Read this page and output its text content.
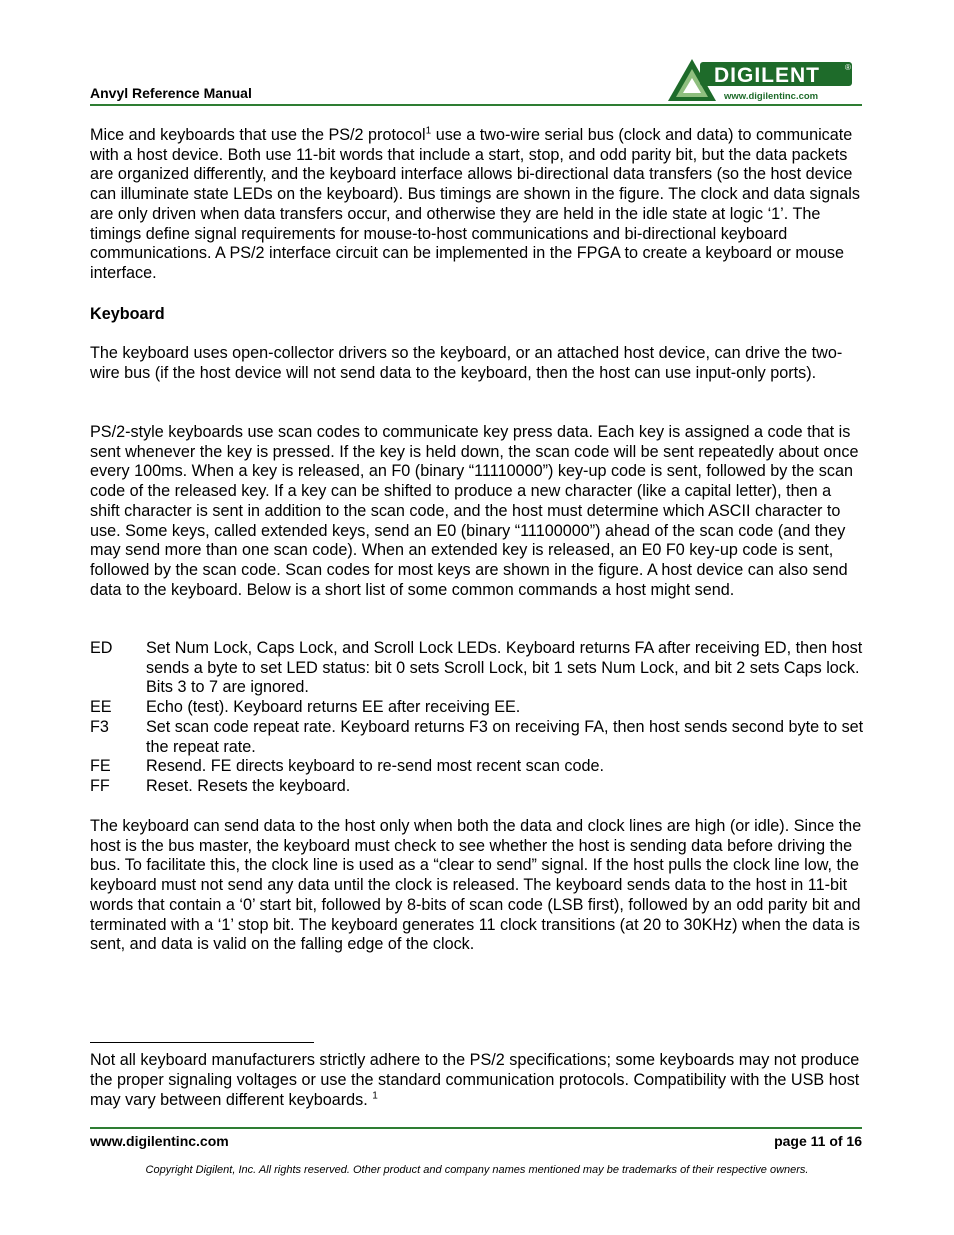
Anvyl Reference Manual
DIGILENT	®
www.digilentinc.com

Mice and keyboards that use the PS/2 protocol$^1$ use a two-wire serial bus (clock and data) to communicate with a host device. Both use 11-bit words that include a start, stop, and odd parity bit, but the data packets are organized differently, and the keyboard interface allows bi-directional data transfers (so the host device can illuminate state LEDs on the keyboard). Bus timings are shown in the figure. The clock and data signals are only driven when data transfers occur, and otherwise they are held in the idle state at logic ‘1’. The timings define signal requirements for mouse-to-host communications and bi-directional keyboard communications. A PS/2 interface circuit can be implemented in the FPGA to create a keyboard or mouse interface.

Keyboard

The keyboard uses open-collector drivers so the keyboard, or an attached host device, can drive the two-wire bus (if the host device will not send data to the keyboard, then the host can use input-only ports).

PS/2-style keyboards use scan codes to communicate key press data. Each key is assigned a code that is sent whenever the key is pressed. If the key is held down, the scan code will be sent repeatedly about once every 100ms. When a key is released, an F0 (binary “11110000”) key-up code is sent, followed by the scan code of the released key. If a key can be shifted to produce a new character (like a capital letter), then a shift character is sent in addition to the scan code, and the host must determine which ASCII character to use. Some keys, called extended keys, send an E0 (binary “11100000”) ahead of the scan code (and they may send more than one scan code). When an extended key is released, an E0 F0 key-up code is sent, followed by the scan code. Scan codes for most keys are shown in the figure. A host device can also send data to the keyboard. Below is a short list of some common commands a host might send.

ED	Set Num Lock, Caps Lock, and Scroll Lock LEDs. Keyboard returns FA after receiving ED, then host sends a byte to set LED status: bit 0 sets Scroll Lock, bit 1 sets Num Lock, and bit 2 sets Caps lock. Bits 3 to 7 are ignored.
EE	Echo (test). Keyboard returns EE after receiving EE.
F3	Set scan code repeat rate. Keyboard returns F3 on receiving FA, then host sends second byte to set the repeat rate.
FE	Resend. FE directs keyboard to re-send most recent scan code.
FF	Reset. Resets the keyboard.

The keyboard can send data to the host only when both the data and clock lines are high (or idle). Since the host is the bus master, the keyboard must check to see whether the host is sending data before driving the bus. To facilitate this, the clock line is used as a “clear to send” signal. If the host pulls the clock line low, the keyboard must not send any data until the clock is released. The keyboard sends data to the host in 11-bit words that contain a ‘0’ start bit, followed by 8-bits of scan code (LSB first), followed by an odd parity bit and terminated with a ‘1’ stop bit. The keyboard generates 11 clock transitions (at 20 to 30KHz) when the data is sent, and data is valid on the falling edge of the clock.

Not all keyboard manufacturers strictly adhere to the PS/2 specifications; some keyboards may not produce the proper signaling voltages or use the standard communication protocols. Compatibility with the USB host may vary between different keyboards. $^1$

www.digilentinc.com	page 11 of 16
Copyright Digilent, Inc. All rights reserved. Other product and company names mentioned may be trademarks of their respective owners.
